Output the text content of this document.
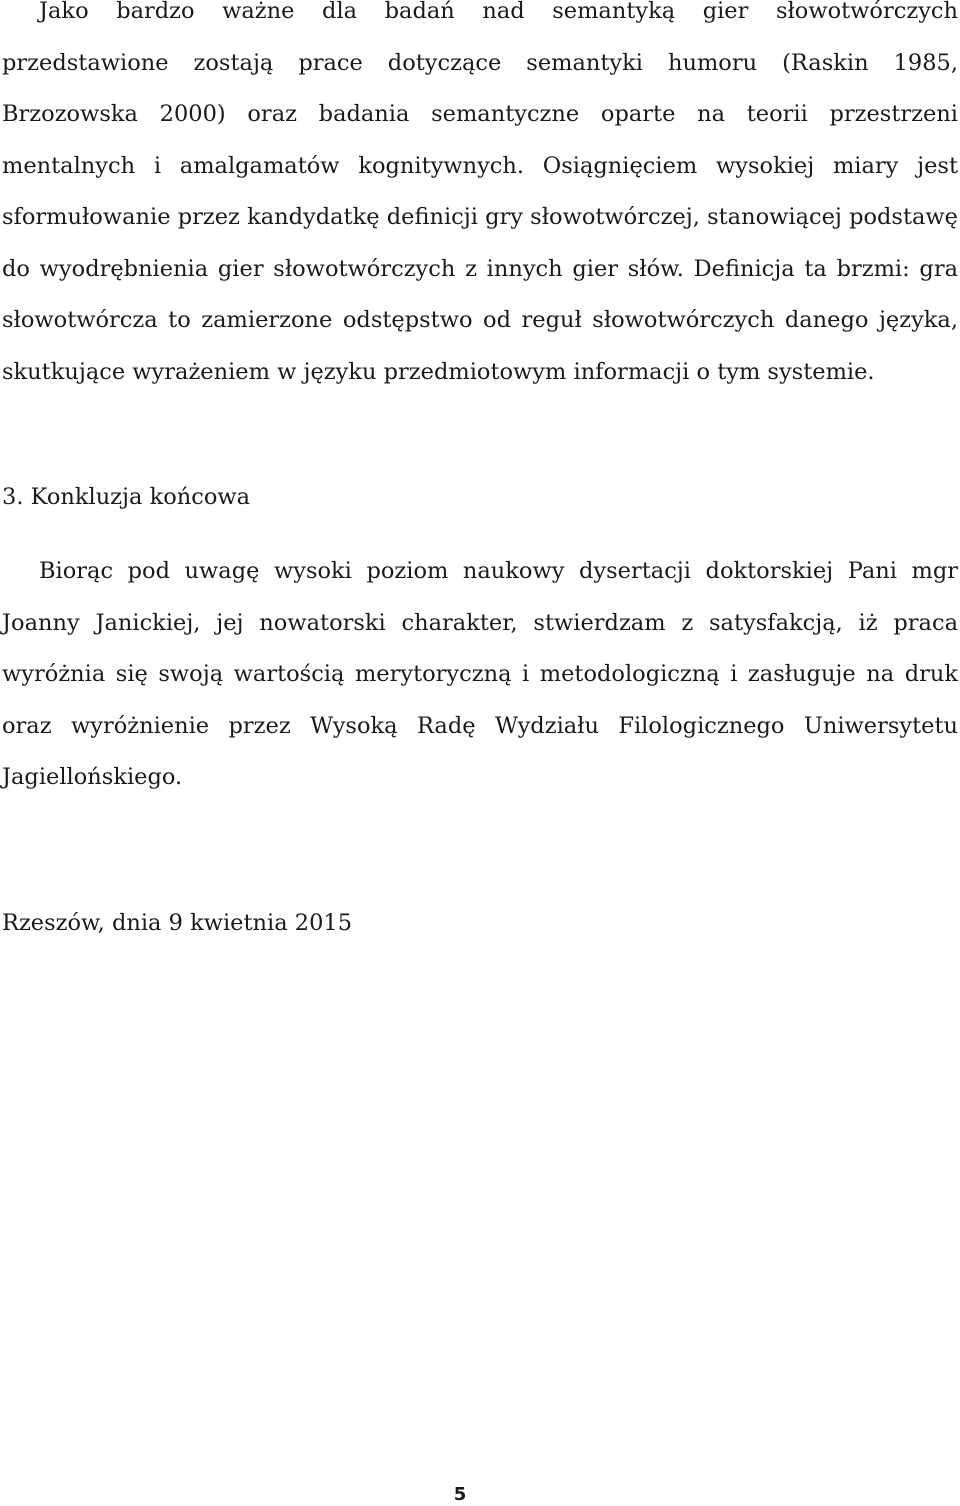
Jako bardzo ważne dla badań nad semantyką gier słowotwórczych przedstawione zostają prace dotyczące semantyki humoru (Raskin 1985, Brzozowska 2000) oraz badania semantyczne oparte na teorii przestrzeni mentalnych i amalgamatów kognitywnych. Osiągnięciem wysokiej miary jest sformułowanie przez kandydatkę definicji gry słowotwórczej, stanowiącej podstawę do wyodrębnienia gier słowotwórczych z innych gier słów. Definicja ta brzmi: gra słowotwórcza to zamierzone odstępstwo od reguł słowotwórczych danego języka, skutkujące wyrażeniem w języku przedmiotowym informacji o tym systemie.

3. Konkluzja końcowa

Biorąc pod uwagę wysoki poziom naukowy dysertacji doktorskiej Pani mgr Joanny Janickiej, jej nowatorski charakter, stwierdzam z satysfakcją, iż praca wyróżnia się swoją wartością merytoryczną i metodologiczną i zasługuje na druk oraz wyróżnienie przez Wysoką Radę Wydziału Filologicznego Uniwersytetu Jagiellońskiego.

Rzeszów, dnia 9 kwietnia 2015

5
